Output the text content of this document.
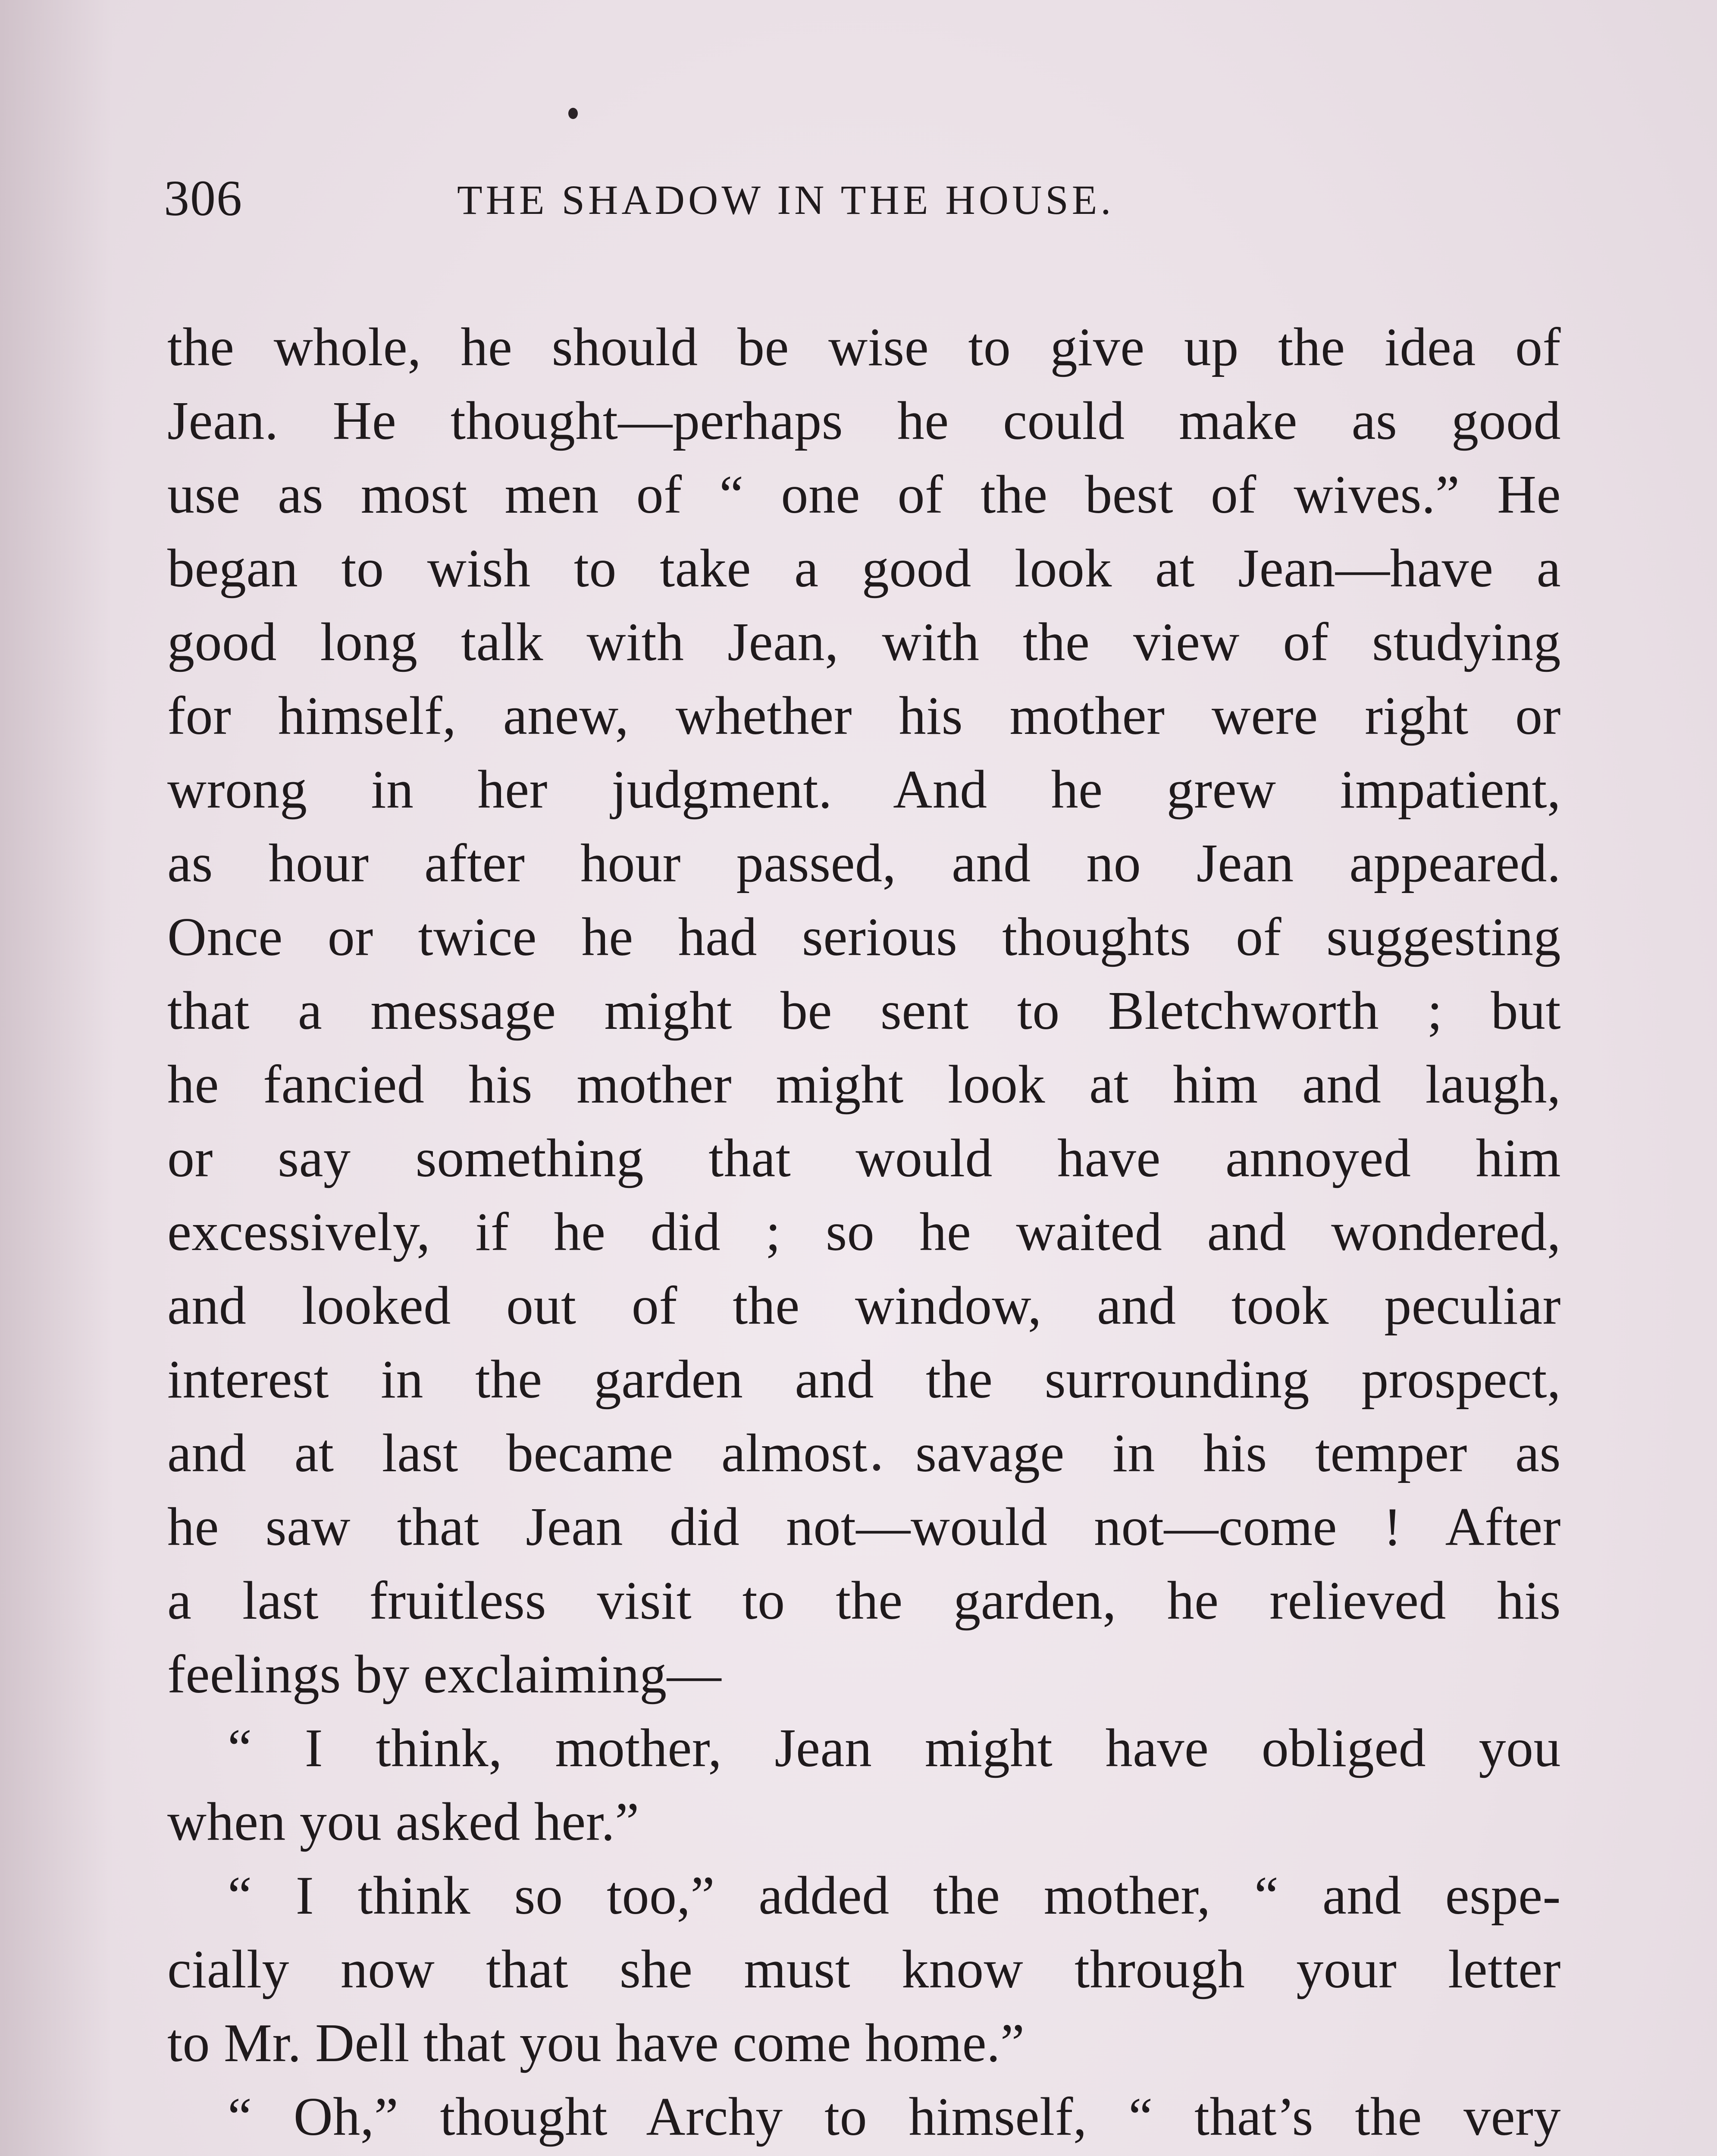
306	THE SHADOW IN THE HOUSE.
the whole, he should be wise to give up the idea of
Jean. He thought—perhaps he could make as good
use as most men of “ one of the best of wives.” He
began to wish to take a good look at Jean—have a
good long talk with Jean, with the view of studying
for himself, anew, whether his mother were right or
wrong in her judgment. And he grew impatient,
as hour after hour passed, and no Jean appeared.
Once or twice he had serious thoughts of suggesting
that a message might be sent to Bletchworth ; but
he fancied his mother might look at him and laugh,
or say something that would have annoyed him
excessively, if he did ; so he waited and wondered,
and looked out of the window, and took peculiar
interest in the garden and the surrounding prospect,
and at last became almost savage in his temper as
he saw that Jean did not—would not—come ! After
a last fruitless visit to the garden, he relieved his
feelings by exclaiming—
“ I think, mother, Jean might have obliged you
when you asked her.”
“ I think so too,” added the mother, “ and espe-
cially now that she must know through your letter
to Mr. Dell that you have come home.”
“ Oh,” thought Archy to himself, “ that’s the very
